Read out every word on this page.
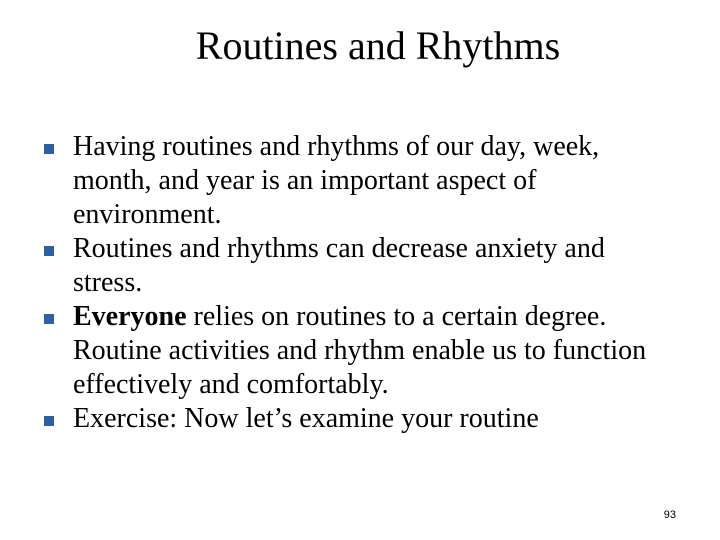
Routines and Rhythms
Having routines and rhythms of our day, week, month, and year is an important aspect of environment.
Routines and rhythms can decrease anxiety and stress.
Everyone relies on routines to a certain degree. Routine activities and rhythm enable us to function effectively and comfortably.
Exercise: Now let’s examine your routine
93
